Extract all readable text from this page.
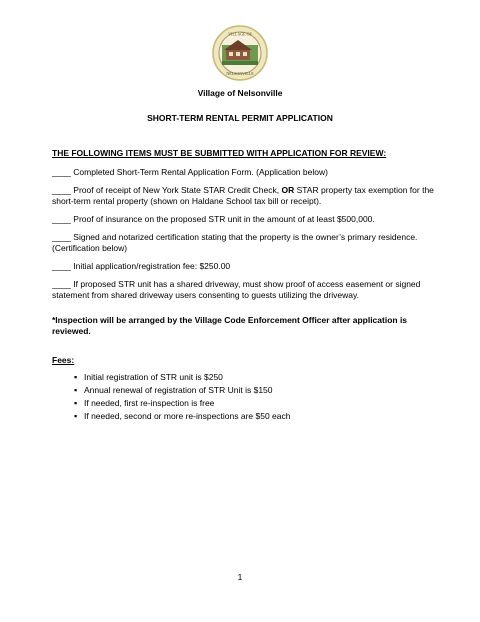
VILLAGE OF
NELSONVILLE
Village of Nelsonville
SHORT-TERM RENTAL PERMIT APPLICATION
THE FOLLOWING ITEMS MUST BE SUBMITTED WITH APPLICATION FOR REVIEW:
____ Completed Short-Term Rental Application Form. (Application below)
____ Proof of receipt of New York State STAR Credit Check, OR STAR property tax exemption for the short-term rental property (shown on Haldane School tax bill or receipt).
____ Proof of insurance on the proposed STR unit in the amount of at least $500,000.
____ Signed and notarized certification stating that the property is the owner’s primary residence. (Certification below)
____ Initial application/registration fee: $250.00
____ If proposed STR unit has a shared driveway, must show proof of access easement or signed statement from shared driveway users consenting to guests utilizing the driveway.
*Inspection will be arranged by the Village Code Enforcement Officer after application is reviewed.
Fees:
▪ Initial registration of STR unit is $250
▪ Annual renewal of registration of STR Unit is $150
▪ If needed, first re-inspection is free
▪ If needed, second or more re-inspections are $50 each
1
